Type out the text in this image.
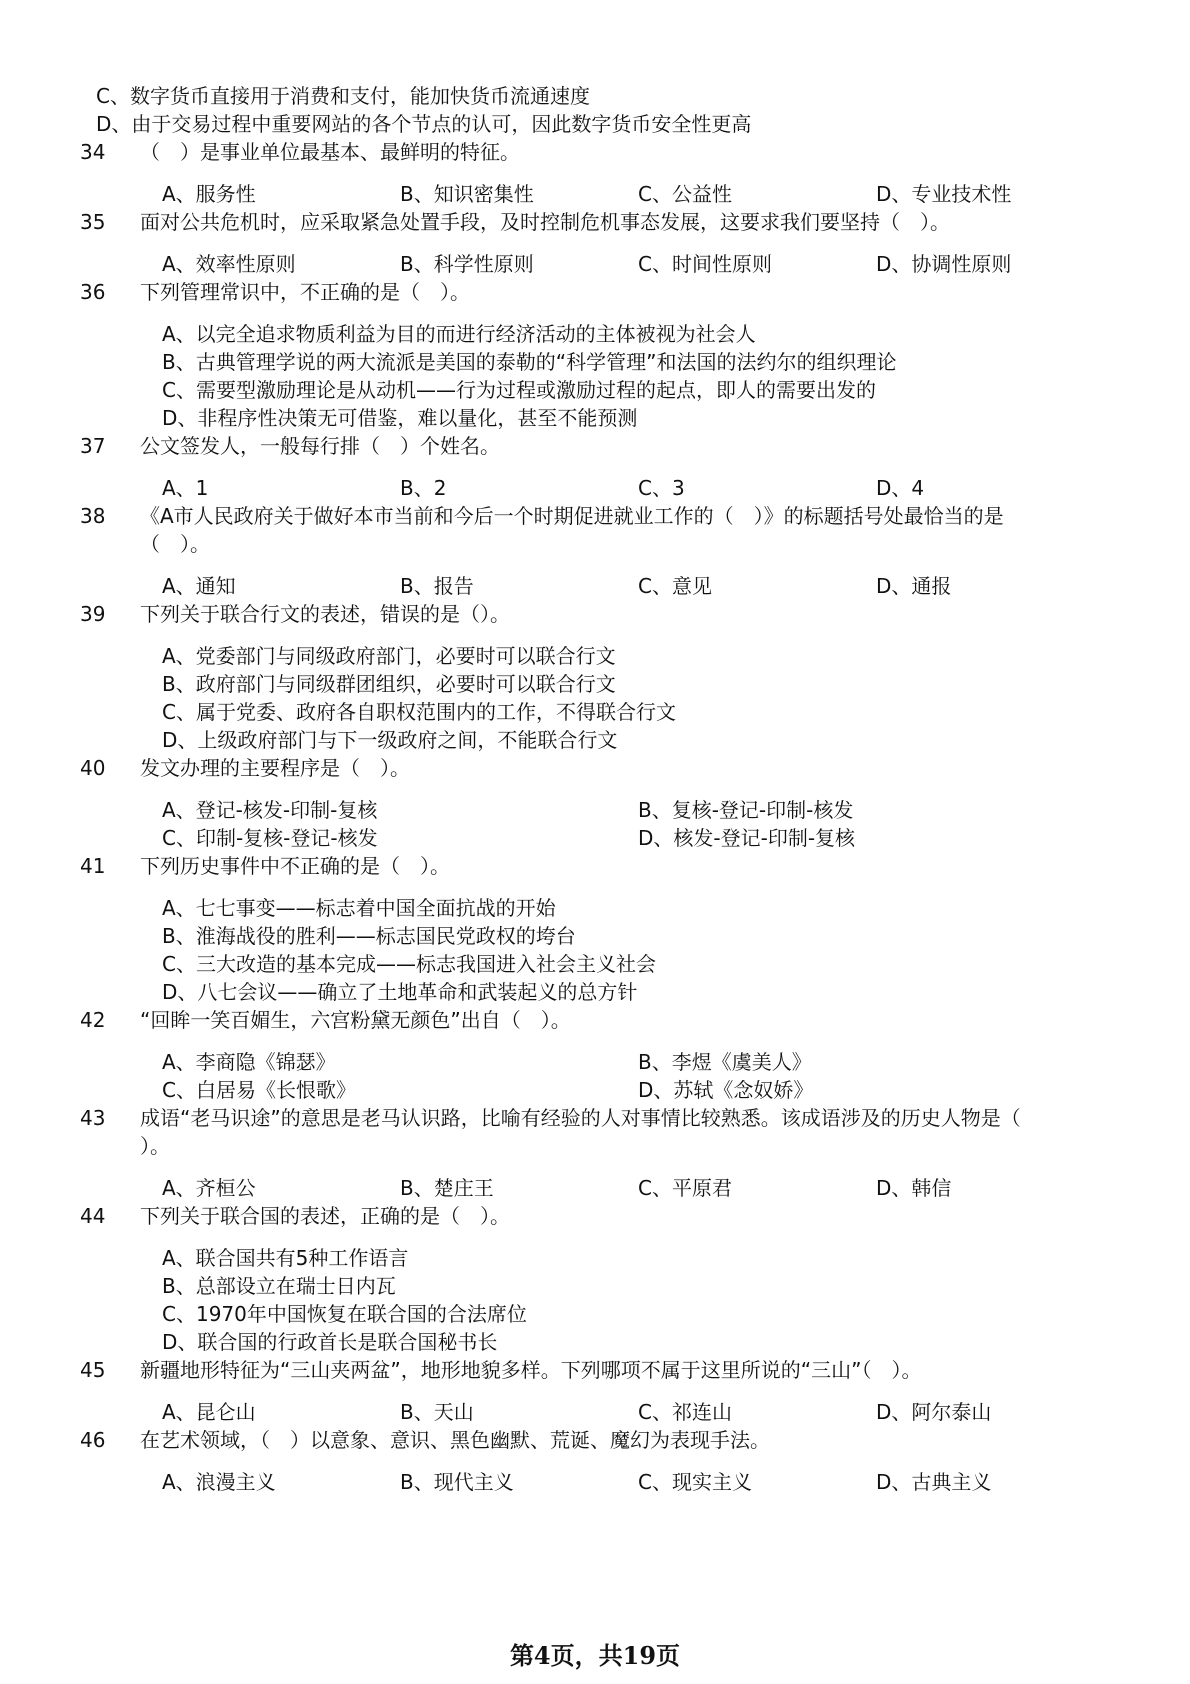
C、数字货币直接用于消费和支付，能加快货币流通速度
D、由于交易过程中重要网站的各个节点的认可，因此数字货币安全性更高
34 （　）是事业单位最基本、最鲜明的特征。
A、服务性	B、知识密集性	C、公益性	D、专业技术性
35 面对公共危机时，应采取紧急处置手段，及时控制危机事态发展，这要求我们要坚持（　）。
A、效率性原则	B、科学性原则	C、时间性原则	D、协调性原则
36 下列管理常识中，不正确的是（　）。
A、以完全追求物质利益为目的而进行经济活动的主体被视为社会人
B、古典管理学说的两大流派是美国的泰勒的“科学管理”和法国的法约尔的组织理论
C、需要型激励理论是从动机——行为过程或激励过程的起点，即人的需要出发的
D、非程序性决策无可借鉴，难以量化，甚至不能预测
37 公文签发人，一般每行排（　）个姓名。
A、1	B、2	C、3	D、4
38 《A市人民政府关于做好本市当前和今后一个时期促进就业工作的（　）》的标题括号处最恰当的是
（　）。
A、通知	B、报告	C、意见	D、通报
39 下列关于联合行文的表述，错误的是（）。
A、党委部门与同级政府部门，必要时可以联合行文
B、政府部门与同级群团组织，必要时可以联合行文
C、属于党委、政府各自职权范围内的工作，不得联合行文
D、上级政府部门与下一级政府之间，不能联合行文
40 发文办理的主要程序是（　）。
A、登记-核发-印制-复核	B、复核-登记-印制-核发
C、印制-复核-登记-核发	D、核发-登记-印制-复核
41 下列历史事件中不正确的是（　）。
A、七七事变——标志着中国全面抗战的开始
B、淮海战役的胜利——标志国民党政权的垮台
C、三大改造的基本完成——标志我国进入社会主义社会
D、八七会议——确立了土地革命和武装起义的总方针
42 “回眸一笑百媚生，六宫粉黛无颜色”出自（　）。
A、李商隐《锦瑟》	B、李煜《虞美人》
C、白居易《长恨歌》	D、苏轼《念奴娇》
43 成语“老马识途”的意思是老马认识路，比喻有经验的人对事情比较熟悉。该成语涉及的历史人物是（
）。
A、齐桓公	B、楚庄王	C、平原君	D、韩信
44 下列关于联合国的表述，正确的是（　）。
A、联合国共有5种工作语言
B、总部设立在瑞士日内瓦
C、1970年中国恢复在联合国的合法席位
D、联合国的行政首长是联合国秘书长
45 新疆地形特征为“三山夹两盆”，地形地貌多样。下列哪项不属于这里所说的“三山”（　）。
A、昆仑山	B、天山	C、祁连山	D、阿尔泰山
46 在艺术领域，（　）以意象、意识、黑色幽默、荒诞、魔幻为表现手法。
A、浪漫主义	B、现代主义	C、现实主义	D、古典主义
第4页，共19页
